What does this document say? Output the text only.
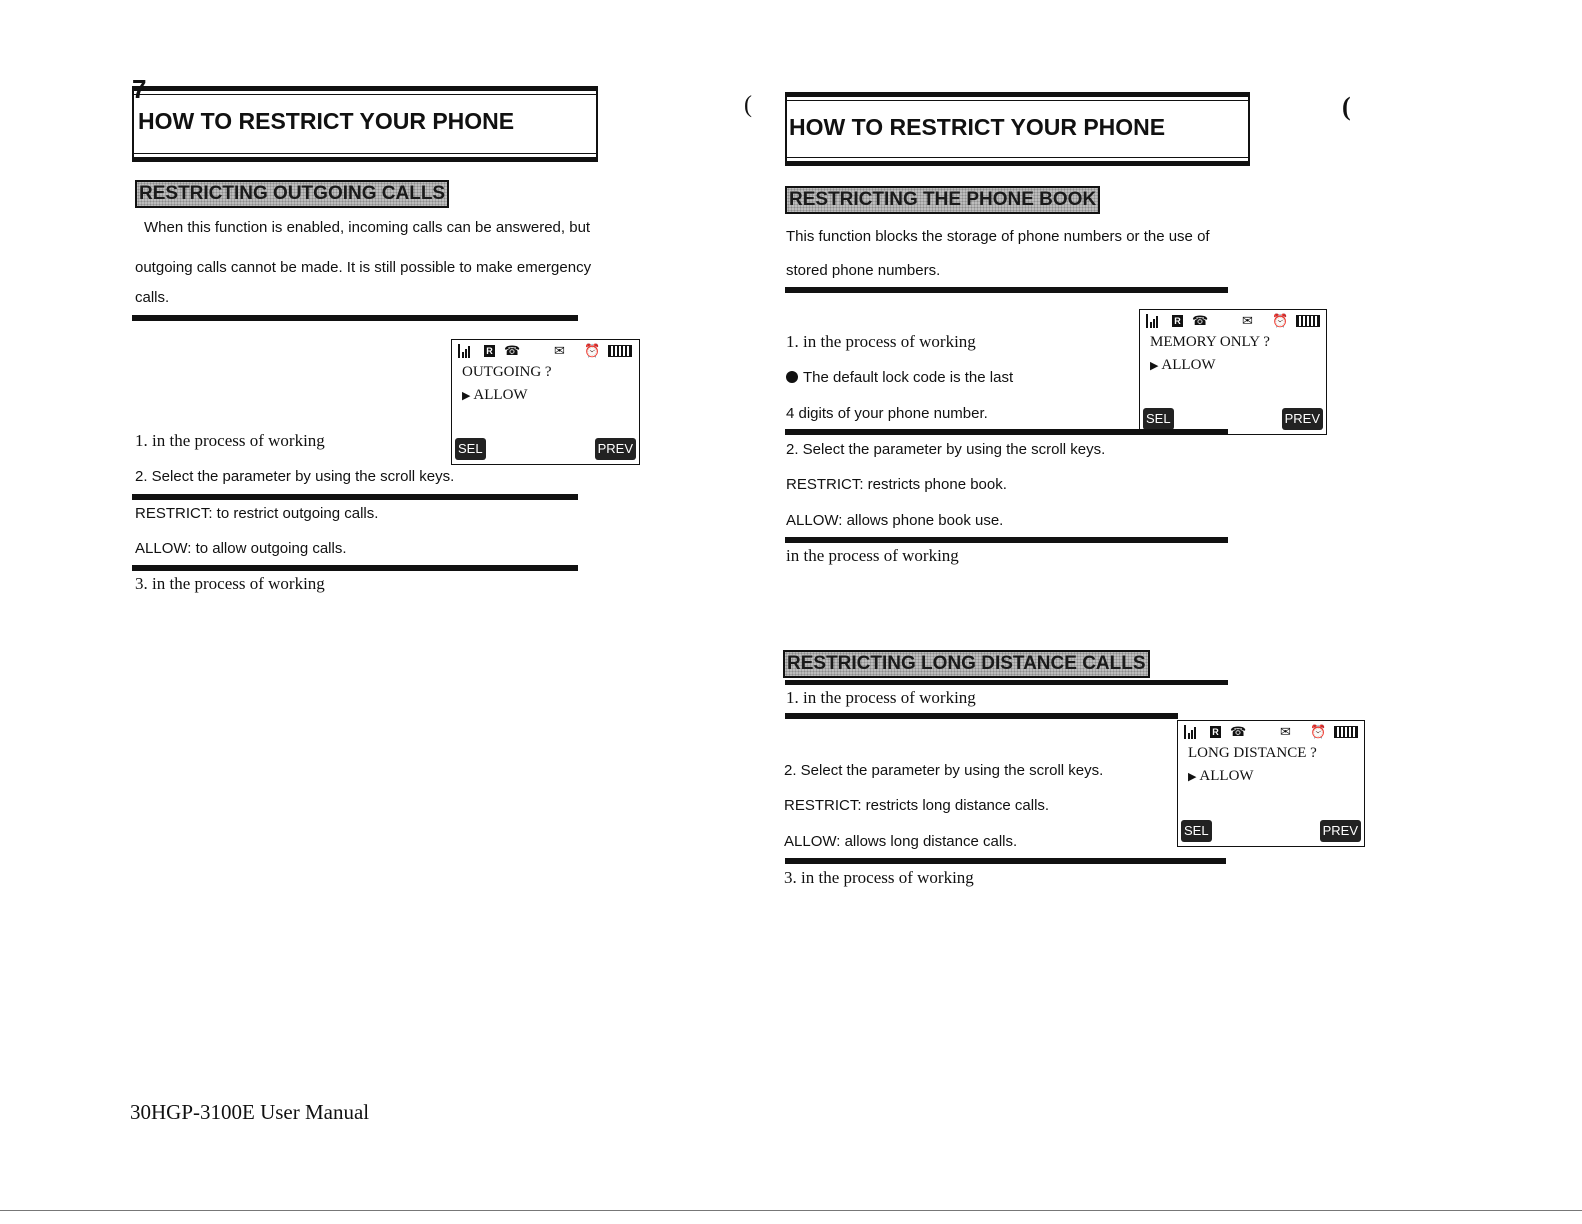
HOW TO RESTRICT YOUR PHONE
RESTRICTING OUTGOING CALLS
When this function is enabled, incoming calls can be answered, but
outgoing calls cannot be made. It is still possible to make emergency
calls.
R ☎	✉ ⏰
OUTGOING ?
▶ ALLOW
SEL	PREV
1. in the process of working
2. Select the parameter by using the scroll keys.
RESTRICT: to restrict outgoing calls.
ALLOW: to allow outgoing calls.
3. in the process of working
30HGP-3100E User Manual
(	(
HOW TO RESTRICT YOUR PHONE
RESTRICTING THE PHONE BOOK
This function blocks the storage of phone numbers or the use of
stored phone numbers.
R ☎	✉ ⏰
MEMORY ONLY ?
▶ ALLOW
SEL	PREV
1. in the process of working
The default lock code is the last
4 digits of your phone number.
2. Select the parameter by using the scroll keys.
RESTRICT: restricts phone book.
ALLOW: allows phone book use.
in the process of working
RESTRICTING LONG DISTANCE CALLS
1. in the process of working
R ☎	✉ ⏰
LONG DISTANCE ?
▶ ALLOW
SEL	PREV
2. Select the parameter by using the scroll keys.
RESTRICT: restricts long distance calls.
ALLOW: allows long distance calls.
3. in the process of working
